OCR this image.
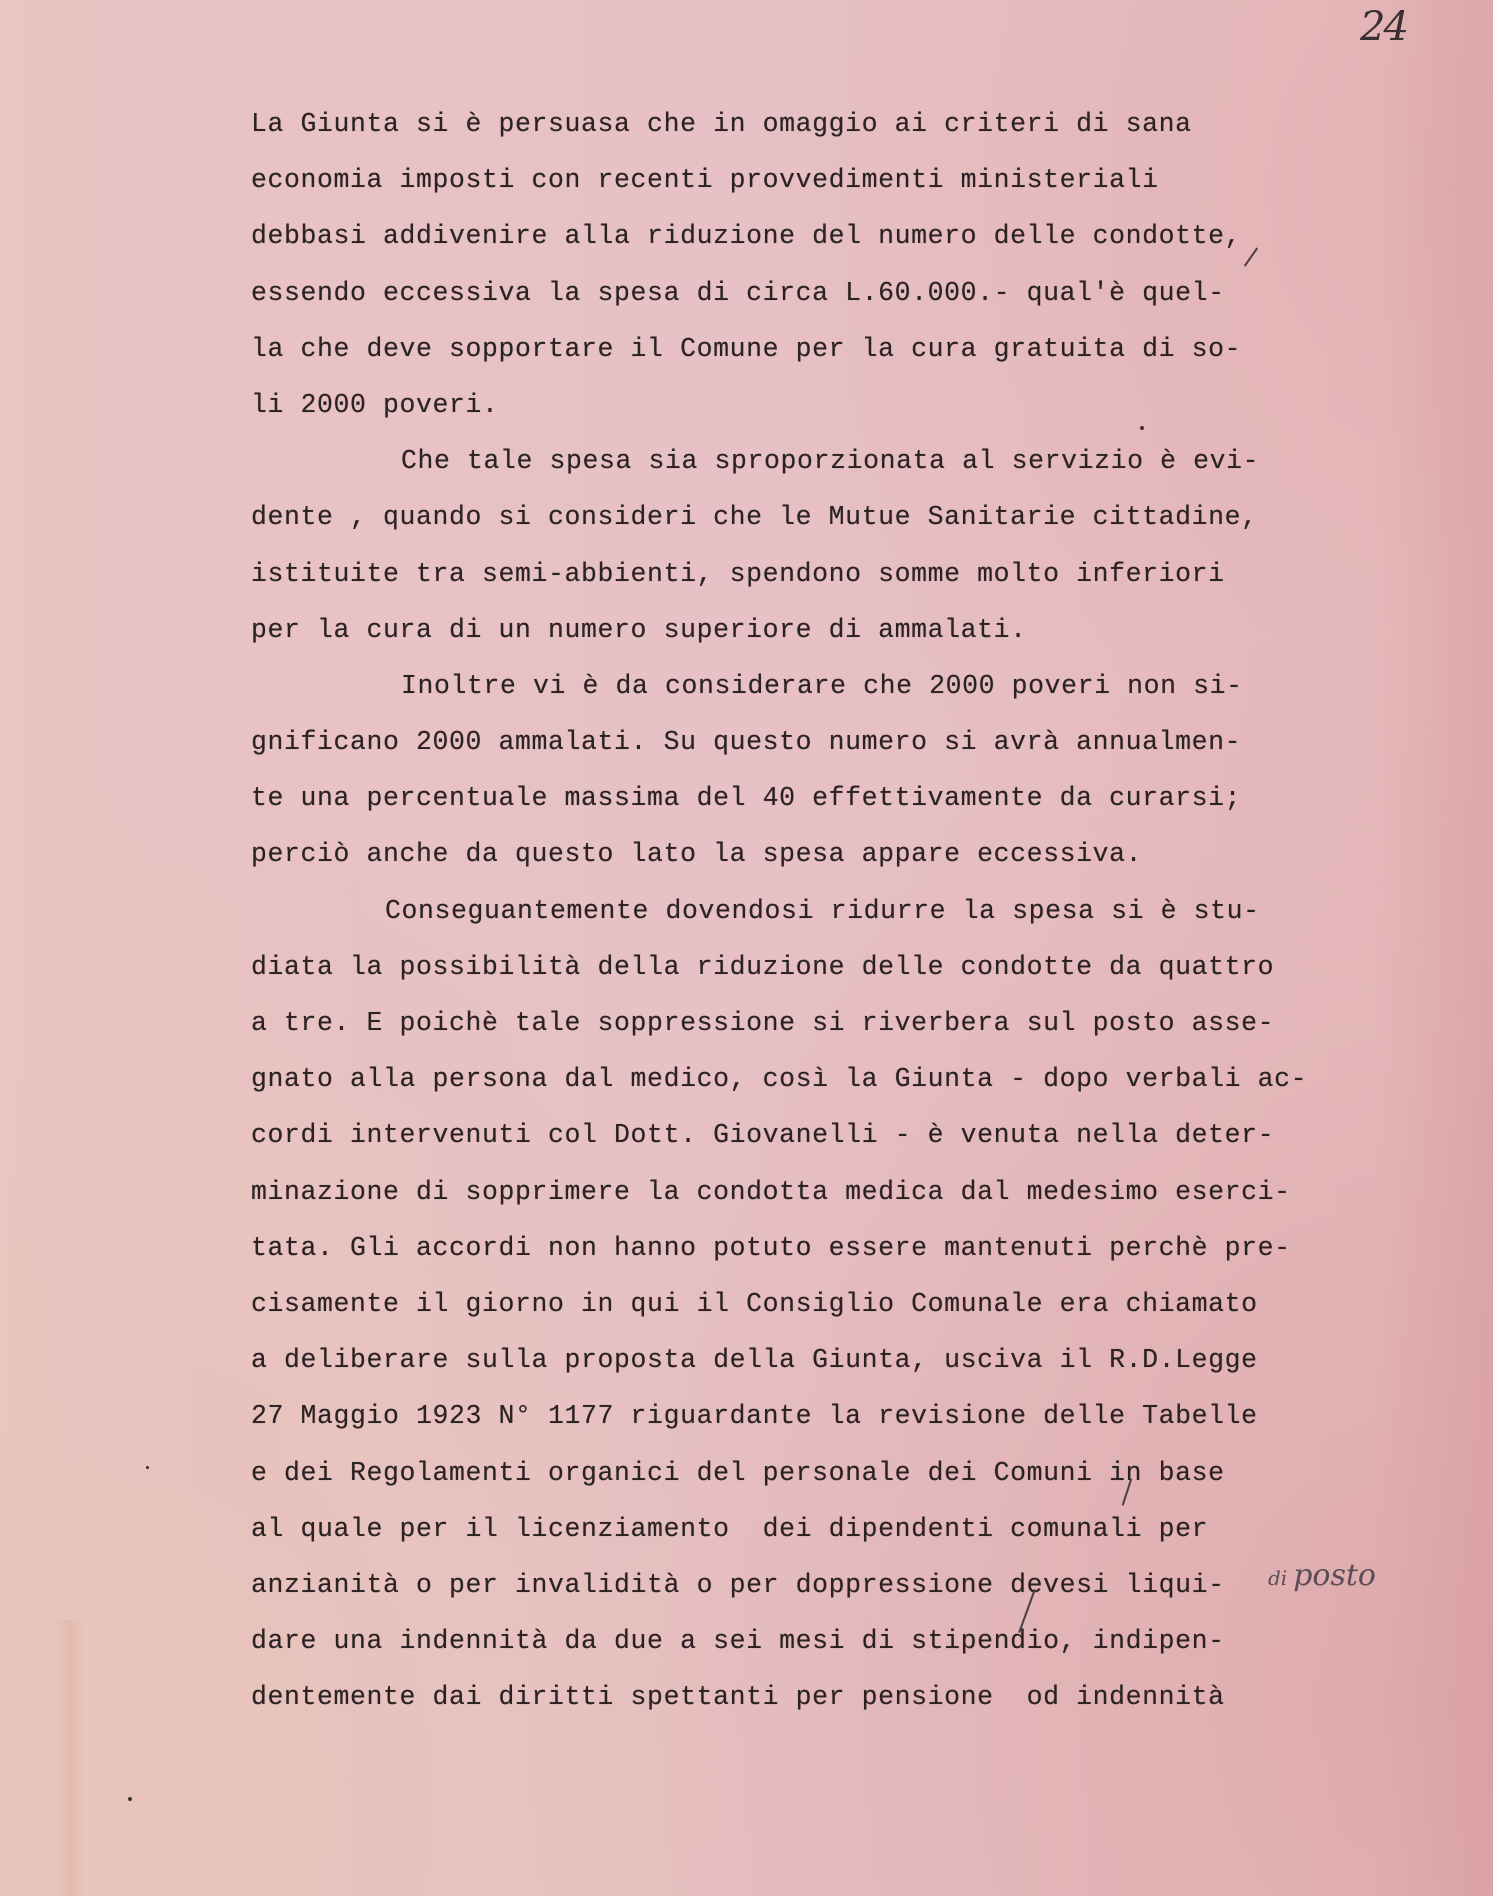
24
La Giunta si è persuasa che in omaggio ai criteri di sana
economia imposti con recenti provvedimenti ministeriali
debbasi addivenire alla riduzione del numero delle condotte,
essendo eccessiva la spesa di circa L.60.000.- qual'è quel-
la che deve sopportare il Comune per la cura gratuita di so-
li 2000 poveri.
Che tale spesa sia sproporzionata al servizio è evi-
dente , quando si consideri che le Mutue Sanitarie cittadine,
istituite tra semi-abbienti, spendono somme molto inferiori
per la cura di un numero superiore di ammalati.
Inoltre vi è da considerare che 2000 poveri non si-
gnificano 2000 ammalati. Su questo numero si avrà annualmen-
te una percentuale massima del 40 effettivamente da curarsi;
perciò anche da questo lato la spesa appare eccessiva.
Conseguantemente dovendosi ridurre la spesa si è stu-
diata la possibilità della riduzione delle condotte da quattro
a tre. E poichè tale soppressione si riverbera sul posto asse-
gnato alla persona dal medico, così la Giunta - dopo verbali ac-
cordi intervenuti col Dott. Giovanelli - è venuta nella deter-
minazione di sopprimere la condotta medica dal medesimo eserci-
tata. Gli accordi non hanno potuto essere mantenuti perchè pre-
cisamente il giorno in qui il Consiglio Comunale era chiamato
a deliberare sulla proposta della Giunta, usciva il R.D.Legge
27 Maggio 1923 N° 1177 riguardante la revisione delle Tabelle
e dei Regolamenti organici del personale dei Comuni in base
al quale per il licenziamento  dei dipendenti comunali per
anzianità o per invalidità o per doppressione devesi liqui-
dare una indennità da due a sei mesi di stipendio, indipen-
dentemente dai diritti spettanti per pensione  od indennità
di posto
